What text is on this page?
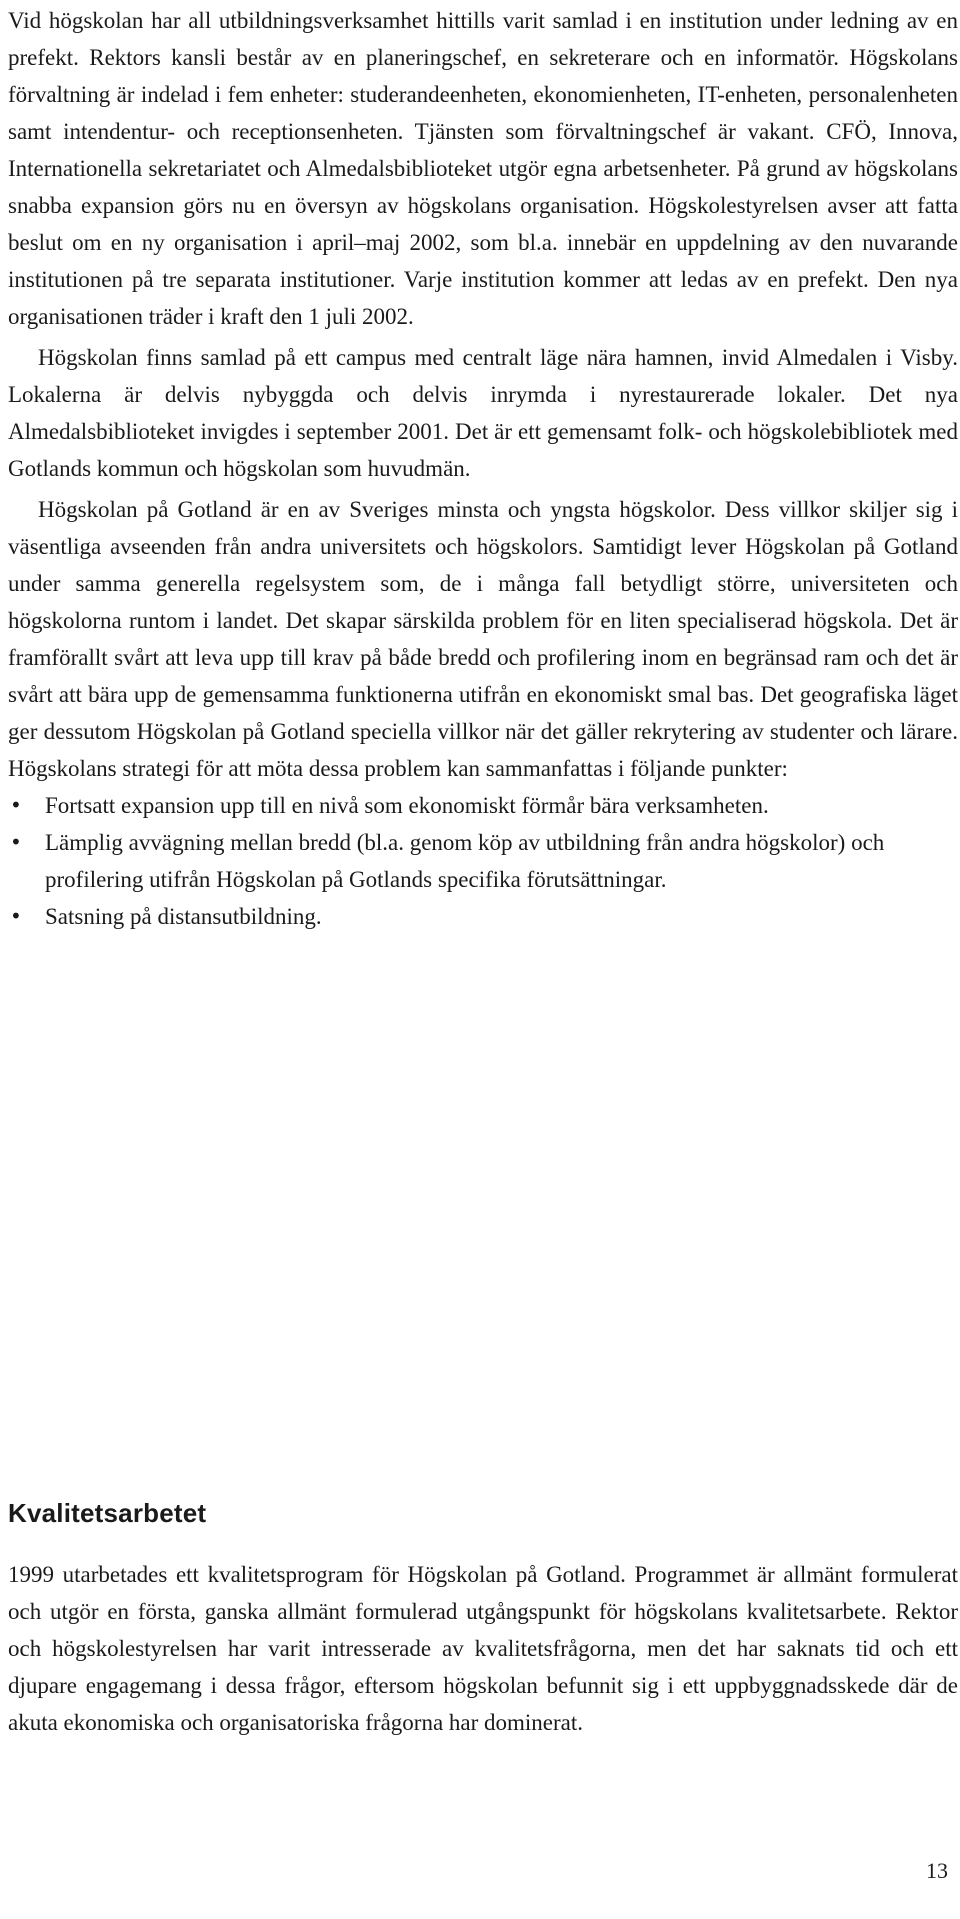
Vid högskolan har all utbildningsverksamhet hittills varit samlad i en institution under ledning av en prefekt. Rektors kansli består av en planeringschef, en sekreterare och en informatör. Högskolans förvaltning är indelad i fem enheter: studerandeenheten, ekonomienheten, IT-enheten, personalenheten samt intendentur- och receptionsenheten. Tjänsten som förvaltningschef är vakant. CFÖ, Innova, Internationella sekretariatet och Almedalsbiblioteket utgör egna arbetsenheter. På grund av högskolans snabba expansion görs nu en översyn av högskolans organisation. Högskolestyrelsen avser att fatta beslut om en ny organisation i april–maj 2002, som bl.a. innebär en uppdelning av den nuvarande institutionen på tre separata institutioner. Varje institution kommer att ledas av en prefekt. Den nya organisationen träder i kraft den 1 juli 2002.

Högskolan finns samlad på ett campus med centralt läge nära hamnen, invid Almedalen i Visby. Lokalerna är delvis nybyggda och delvis inrymda i nyrestaurerade lokaler. Det nya Almedalsbiblioteket invigdes i september 2001. Det är ett gemensamt folk- och högskolebibliotek med Gotlands kommun och högskolan som huvudmän.

Högskolan på Gotland är en av Sveriges minsta och yngsta högskolor. Dess villkor skiljer sig i väsentliga avseenden från andra universitets och högskolors. Samtidigt lever Högskolan på Gotland under samma generella regelsystem som, de i många fall betydligt större, universiteten och högskolorna runtom i landet. Det skapar särskilda problem för en liten specialiserad högskola. Det är framförallt svårt att leva upp till krav på både bredd och profilering inom en begränsad ram och det är svårt att bära upp de gemensamma funktionerna utifrån en ekonomiskt smal bas. Det geografiska läget ger dessutom Högskolan på Gotland speciella villkor när det gäller rekrytering av studenter och lärare. Högskolans strategi för att möta dessa problem kan sammanfattas i följande punkter:

• Fortsatt expansion upp till en nivå som ekonomiskt förmår bära verksamheten.
• Lämplig avvägning mellan bredd (bl.a. genom köp av utbildning från andra högskolor) och profilering utifrån Högskolan på Gotlands specifika förutsättningar.
• Satsning på distansutbildning.
Kvalitetsarbetet

1999 utarbetades ett kvalitetsprogram för Högskolan på Gotland. Programmet är allmänt formulerat och utgör en första, ganska allmänt formulerad utgångspunkt för högskolans kvalitetsarbete. Rektor och högskolestyrelsen har varit intresserade av kvalitetsfrågorna, men det har saknats tid och ett djupare engagemang i dessa frågor, eftersom högskolan befunnit sig i ett uppbyggnadsskede där de akuta ekonomiska och organisatoriska frågorna har dominerat.

13
